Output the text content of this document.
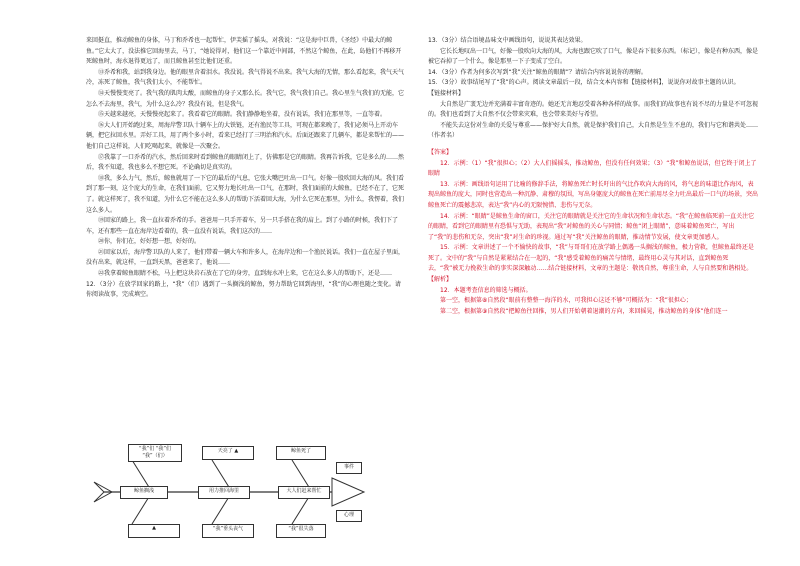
来回挺直，推动鲸鱼的身体，马丁和乔希也一起帮忙，伊芙摇了摇头，对我说：“这是海中巨兽，《圣经》中最大的鲸鱼。”它太大了，没法推它回海里去，马丁，“她说得对，他们这一个靠近中间部，不然这个鲸鱼，在此，岛他们不再移开死鲸鱼时，海水退得更远了，而且鲸鱼甚至比他们还重。

⑬乔希和我，站到我身边。他的眼里含着泪水。我没说。我气得说不出来。我气大海的无情，那么看起来，我气天气冷，冻死了鲸鱼，我气我们太小，不能帮忙。

⑭天慢慢变亮了。我气我的肌肉太酸，而鲸鱼的身子又那么长。我气它，我气我们自己。我心里生气我们的无能，它怎么不去海里，我气，为什么这么冷？我没有说，但是我气。

⑮天越来越亮，天慢慢亮起来了。我看着它的眼睛。我们静静地坐着，没有说话，我们在那里等，一直等着。

⑯大人们开始跑过来，周海岸警卫队十辆车上的大铁链，还有渔民等工具，可现在都来晚了，我们必须马上开动车辆，把它拉回水里。弄好工具，用了两个多小时，看来已经打了三明治和汽水。后面还跟来了几辆车，都是来帮忙的——他们自己这样说，人们吃喝起来，就像是一次聚会。

⑰我靠了一口乔希的汽水，然后回来时看到鲸鱼的眼睛闭上了，仿佛那是它的眼睛。我再告诉我，它是多么的……然后，我不知道，我也多么不想它死。不论确切是真实的。

⑱我，多么力气，然后，鲸鱼就用了一下它的最后的气息，它张大嘴巴吐出一口气。好像一股吹回大海的风。我们看到了那一刻，这个庞大的生命，在我们面前，它又努力地长吐出一口气，在那时，我们面前的大鲸鱼，已经不在了，它死了。就这样死了，我不知道，为什么它不能在这么多人的帮助下活着回大海，为什么它死在那里，为什么，我愣着，我们这么多人。

⑲回家的路上，我一直拉着乔希的手。爸爸用一只手开着车，另一只手搭在我的肩上。到了小路的时候，我们下了车，还有那些一直在海岸边看着的，我一直没有说话，我们这次的……

⑳你，你们在，好好想一想，好好的。

㉑回家以后，海岸警卫队的人来了，他们带着一辆大车和许多人，在海岸边和一个渔民说话。我们一直在屋子里面，没有出来，就这样，一直到天黑，爸爸来了，他说……

㉒我拿着鲸鱼眼睛不松，马上把这块岩石放在了它的身旁，直到海水冲上来，它在这么多人的帮助下，还是……

12．（3分）在放学回家的路上，“我”（们）遇到了一头搁浅的鲸鱼，努力帮助它回到海里，“我”的心理也随之变化。请你阅读故事，完成填空。

“我”们 “我”们 “我”（们）
天亮了 ▲	鲸鱼死了
鲸鱼搁浅	用力推回海里	大人们赶来帮忙
▲	“我”垂头丧气	“我”很失落
事件
心理

13．（3分）结合语境品味文中画线语句，说说其表达效果。

它长长地叹出一口气，好像一股吹向大海的风，大海也跟它吹了口气，像是吞下很多东西。（标记），像是有种东西，像是被它吞掉了一个什么，像是那里一下子变成了空白。

14．（3分）作者为何多次写到“我”关注“鲸鱼的眼睛”？请结合内容说说你的理解。

15．（3分）故事结尾写了“我”的心声。阅读文章最后一段，结合文本内容和【链接材料】，说说你对故事主题的认识。

【链接材料】

大自然是广袤无边并充满着丰富奇迹的。她还无言地忍受着各种各样的故事。而我们的故事也有说不尽的力量是不可忽视的。我们也看到了大自然不仅会带来灾难，也会带来美好与希望。

不能失去这份对生命的关爱与尊重——保护好大自然，就是保护我们自己，大自然是生生不息的，我们与它和谐共处……（作者名）

【答案】

12．示例：（1）“我”很担心；（2）大人们摇摇头，推动鲸鱼，但没有任何效果；（3）“我”和鲸鱼说话，但它终于闭上了眼睛

13．示例：画线语句运用了比喻的修辞手法，将鲸鱼死亡时长吁出的气比作吹向大海的风，将气息的味道比作海风，表现出鲸鱼的庞大，同时也营造出一种沉静、肃穆的氛围，写出身躯庞大的鲸鱼在死亡前用尽全力吐出最后一口气的场景，突出鲸鱼死亡的震撼悲凉，表达“我”内心的无限惋惜、悲伤与无奈。

14．示例：“眼睛”是鲸鱼生命的窗口，关注它的眼睛就是关注它的生命状况和生命状态。“我”在鲸鱼临死前一直关注它的眼睛，看到它的眼睛里有恐惧与无助，表现出“我”对鲸鱼的关心与同情；鲸鱼“闭上眼睛”，意味着鲸鱼死亡，写出了“我”的悲伤和无奈，突出“我”对生命的珍视。通过写“我”关注鲸鱼的眼睛，推动情节发展，使文章更加感人。

15．示例：文章讲述了一个不愉快的故事，“我”与哥哥们在放学路上偶遇一头搁浅的鲸鱼，极力营救，但鲸鱼最终还是死了。文中的“我”与自然是紧紧结合在一起的，“我”感受着鲸鱼的痛苦与情绪，最终用心灵与其对话，直到鲸鱼死去，“我”被无力挽救生命的事实深深触动……结合链接材料，文章的主题是：敬畏自然，尊重生命，人与自然要和谐相处。

【解析】

12．本题考查信息的筛选与概括。

第一空，根据第⑧自然段“眼前有整整一海洋的水，可我担心这还不够”可概括为：“我”很担心；

第二空，根据第⑨自然段“把鲸鱼往回推，男人们开始朝着退潮的方向，来回摇晃，推动鲸鱼的身体”他们连一
